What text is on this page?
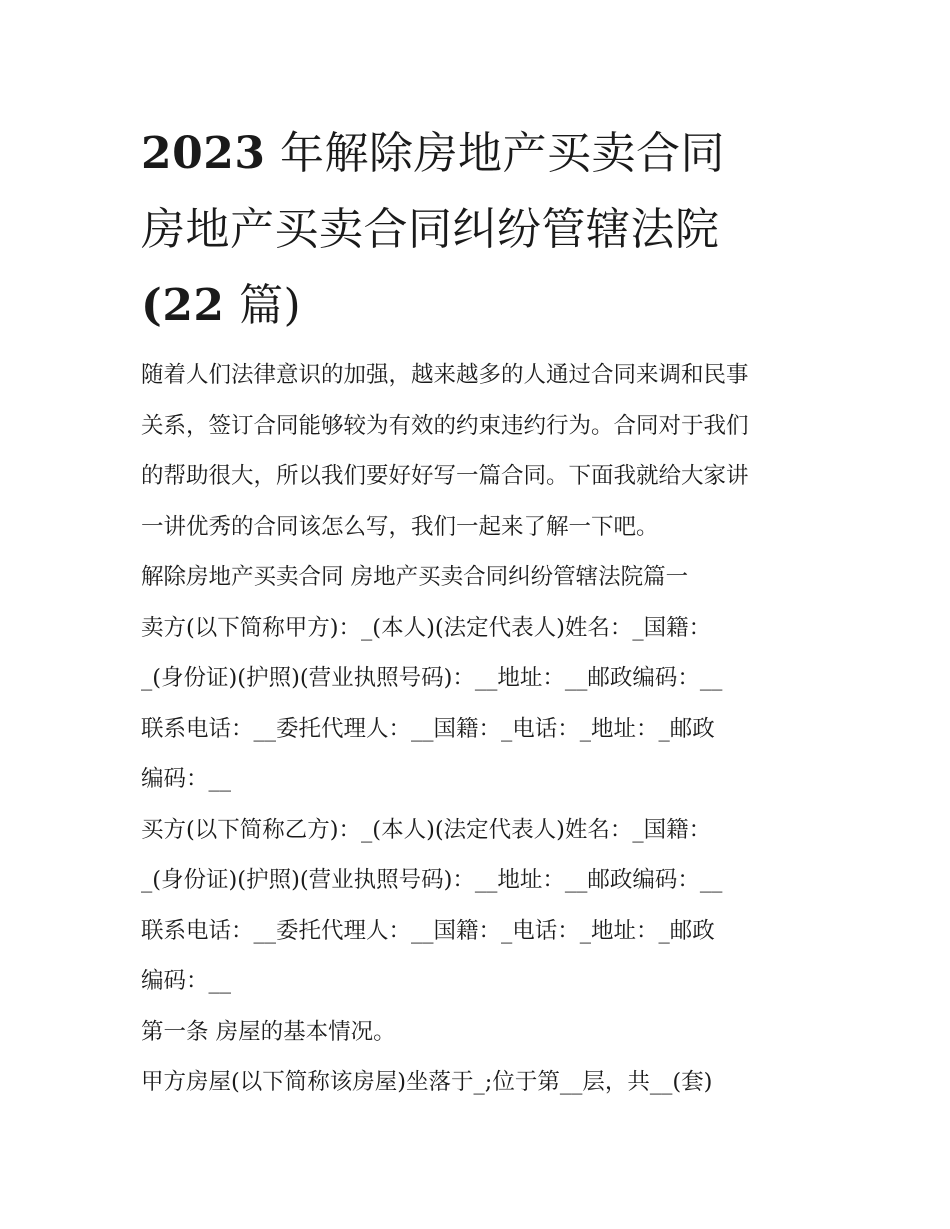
2023 年解除房地产买卖合同
房地产买卖合同纠纷管辖法院
(22 篇)

随着人们法律意识的加强，越来越多的人通过合同来调和民事
关系，签订合同能够较为有效的约束违约行为。合同对于我们
的帮助很大，所以我们要好好写一篇合同。下面我就给大家讲
一讲优秀的合同该怎么写，我们一起来了解一下吧。

解除房地产买卖合同 房地产买卖合同纠纷管辖法院篇一

卖方(以下简称甲方)：_(本人)(法定代表人)姓名：_国籍：
_(身份证)(护照)(营业执照号码)：__地址：__邮政编码：__
联系电话：__委托代理人：__国籍：_电话：_地址：_邮政
编码：__

买方(以下简称乙方)：_(本人)(法定代表人)姓名：_国籍：
_(身份证)(护照)(营业执照号码)：__地址：__邮政编码：__
联系电话：__委托代理人：__国籍：_电话：_地址：_邮政
编码：__

第一条 房屋的基本情况。

甲方房屋(以下简称该房屋)坐落于_;位于第__层，共__(套)
